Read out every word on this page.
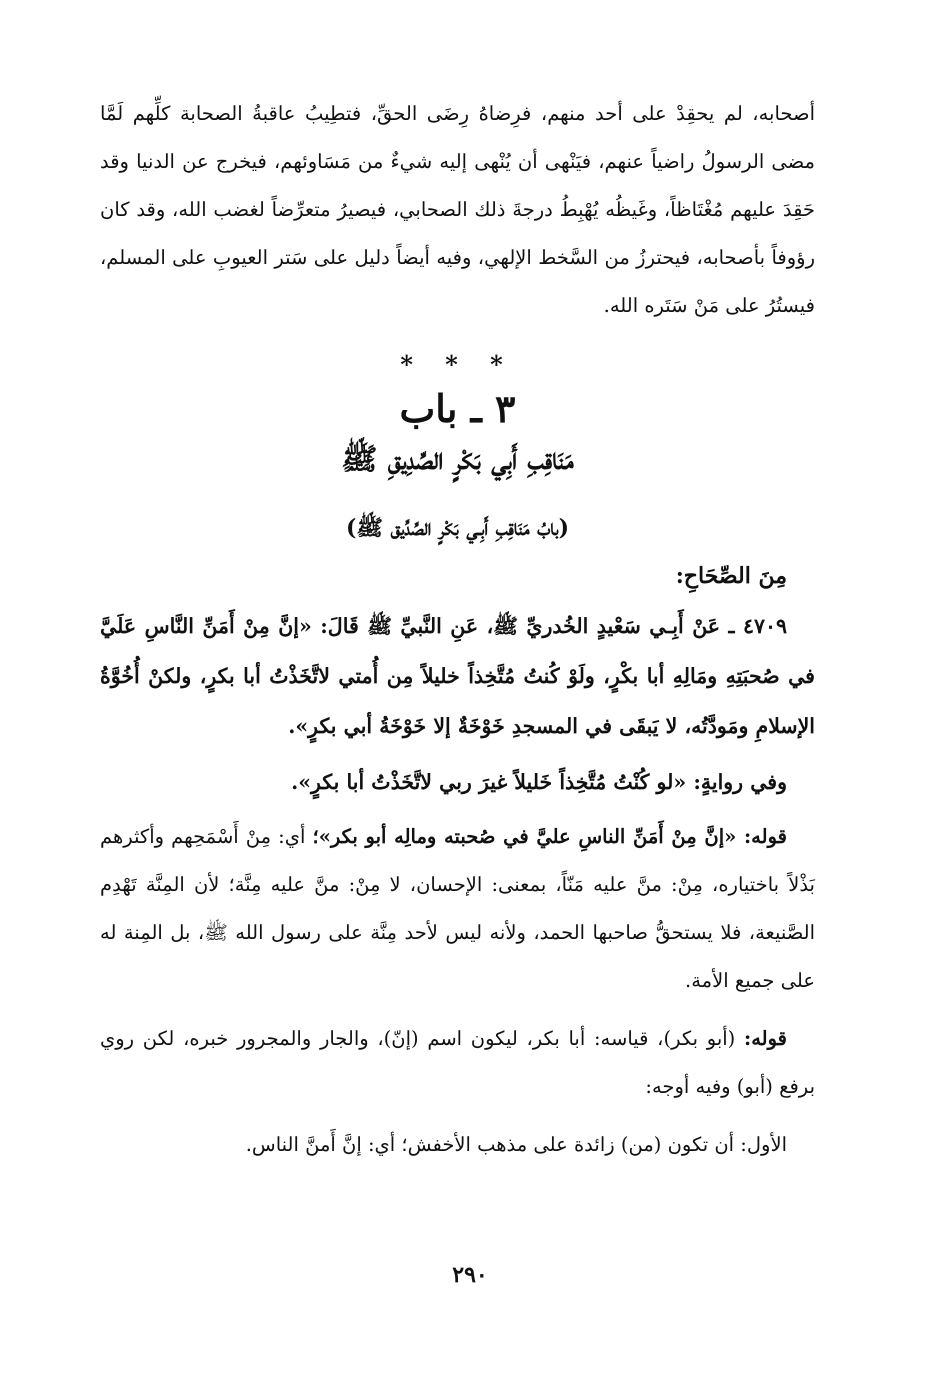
أصحابه، لم يحقِدْ على أحد منهم، فرِضاهُ رِضَى الحقِّ، فتطِيبُ عاقبةُ الصحابة كلِّهم لَمَّا مضى الرسولُ راضياً عنهم، فيَنْهى أن يُنْهى إليه شيءٌ من مَسَاوئهم، فيخرج عن الدنيا وقد حَقِدَ عليهم مُغْتَاظاً، وغَيظُه يُهْبِطُ درجةَ ذلك الصحابي، فيصيرُ متعرِّضاً لغضب الله، وقد كان رؤوفاً بأصحابه، فيحترزُ من السَّخط الإلهي، وفيه أيضاً دليل على سَتر العيوبِ على المسلم، فيستُرُ على مَنْ سَتَره الله.

* * *
٣ ـ باب
مَنَاقِبِ أَبِي بَكْرٍ الصِّدِيقِ ﷺ
(بابُ مَنَاقِبِ أَبِـي بَكْرٍ الصِّدِّيق ﷺ)
مِنَ الصِّحَاحِ:

٤٧٠٩ ـ عَنْ أَبِـي سَعْيدٍ الخُدريِّ ﷺ، عَنِ النَّبيِّ ﷺ قَالَ: «إنَّ مِنْ أَمَنِّ النَّاسِ عَلَيَّ في صُحبَتِهِ ومَالِهِ أبا بكْرٍ، ولَوْ كُنتُ مُتَّخِذاً خليلاً مِن أُمتي لاتَّخَذْتُ أبا بكرٍ، ولكنْ أُخُوَّةُ الإسلامِ ومَودَّتُه، لا يَبقَى في المسجدِ خَوْخَةٌ إلا خَوْخَةُ أبي بكرٍ».

وفي روايةٍ: «لو كُنْتُ مُتَّخِذاً خَليلاً غيرَ ربي لاتَّخَذْتُ أبا بكرٍ».

قوله: «إنَّ مِنْ أَمَنِّ الناسِ عليَّ في صُحبته ومالِه أبو بكر»؛ أي: مِنْ أَسْمَحِهم وأكثرهم بَذْلاً باختياره، مِنْ: منَّ عليه مَنّاً، بمعنى: الإحسان، لا مِنْ: منَّ عليه مِنَّة؛ لأن المِنَّة تَهْدِم الصَّنيعة، فلا يستحقُّ صاحبها الحمد، ولأنه ليس لأحد مِنَّة على رسول الله ﷺ، بل المِنة له على جميع الأمة.

قوله: (أبو بكر)، قياسه: أبا بكر، ليكون اسم (إنّ)، والجار والمجرور خبره، لكن روي برفع (أبو) وفيه أوجه:

الأول: أن تكون (من) زائدة على مذهب الأخفش؛ أي: إنَّ أَمنَّ الناس.

٢٩٠
